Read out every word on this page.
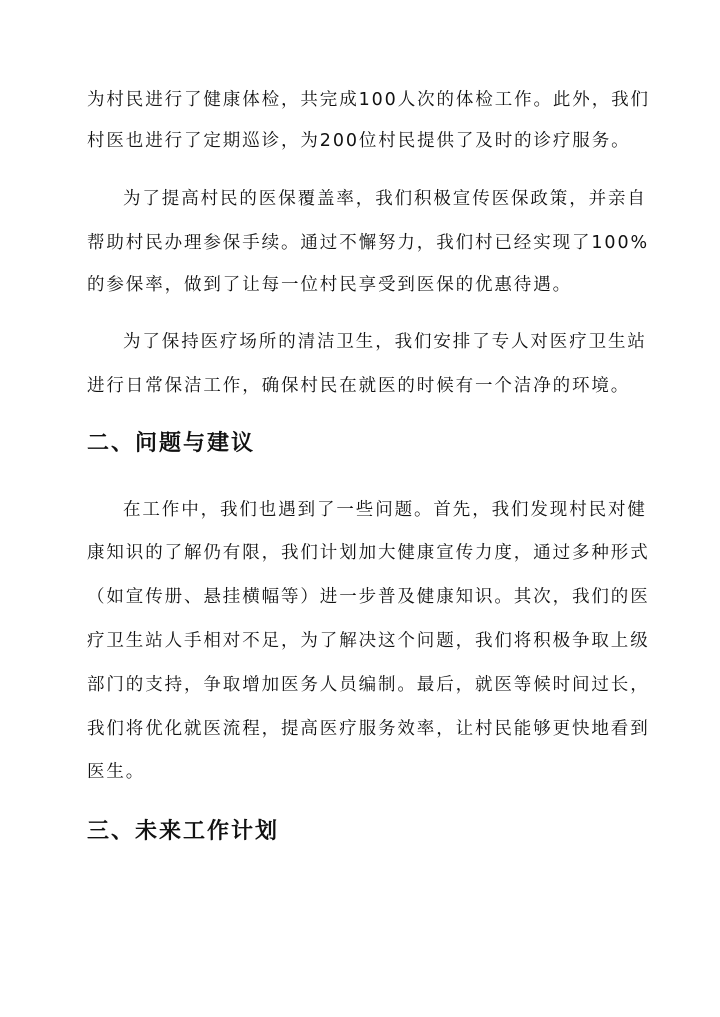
为村民进行了健康体检，共完成100人次的体检工作。此外，我们
村医也进行了定期巡诊，为200位村民提供了及时的诊疗服务。
为了提高村民的医保覆盖率，我们积极宣传医保政策，并亲自
帮助村民办理参保手续。通过不懈努力，我们村已经实现了100%
的参保率，做到了让每一位村民享受到医保的优惠待遇。
为了保持医疗场所的清洁卫生，我们安排了专人对医疗卫生站
进行日常保洁工作，确保村民在就医的时候有一个洁净的环境。
二、问题与建议
在工作中，我们也遇到了一些问题。首先，我们发现村民对健
康知识的了解仍有限，我们计划加大健康宣传力度，通过多种形式
（如宣传册、悬挂横幅等）进一步普及健康知识。其次，我们的医
疗卫生站人手相对不足，为了解决这个问题，我们将积极争取上级
部门的支持，争取增加医务人员编制。最后，就医等候时间过长，
我们将优化就医流程，提高医疗服务效率，让村民能够更快地看到
医生。
三、未来工作计划
